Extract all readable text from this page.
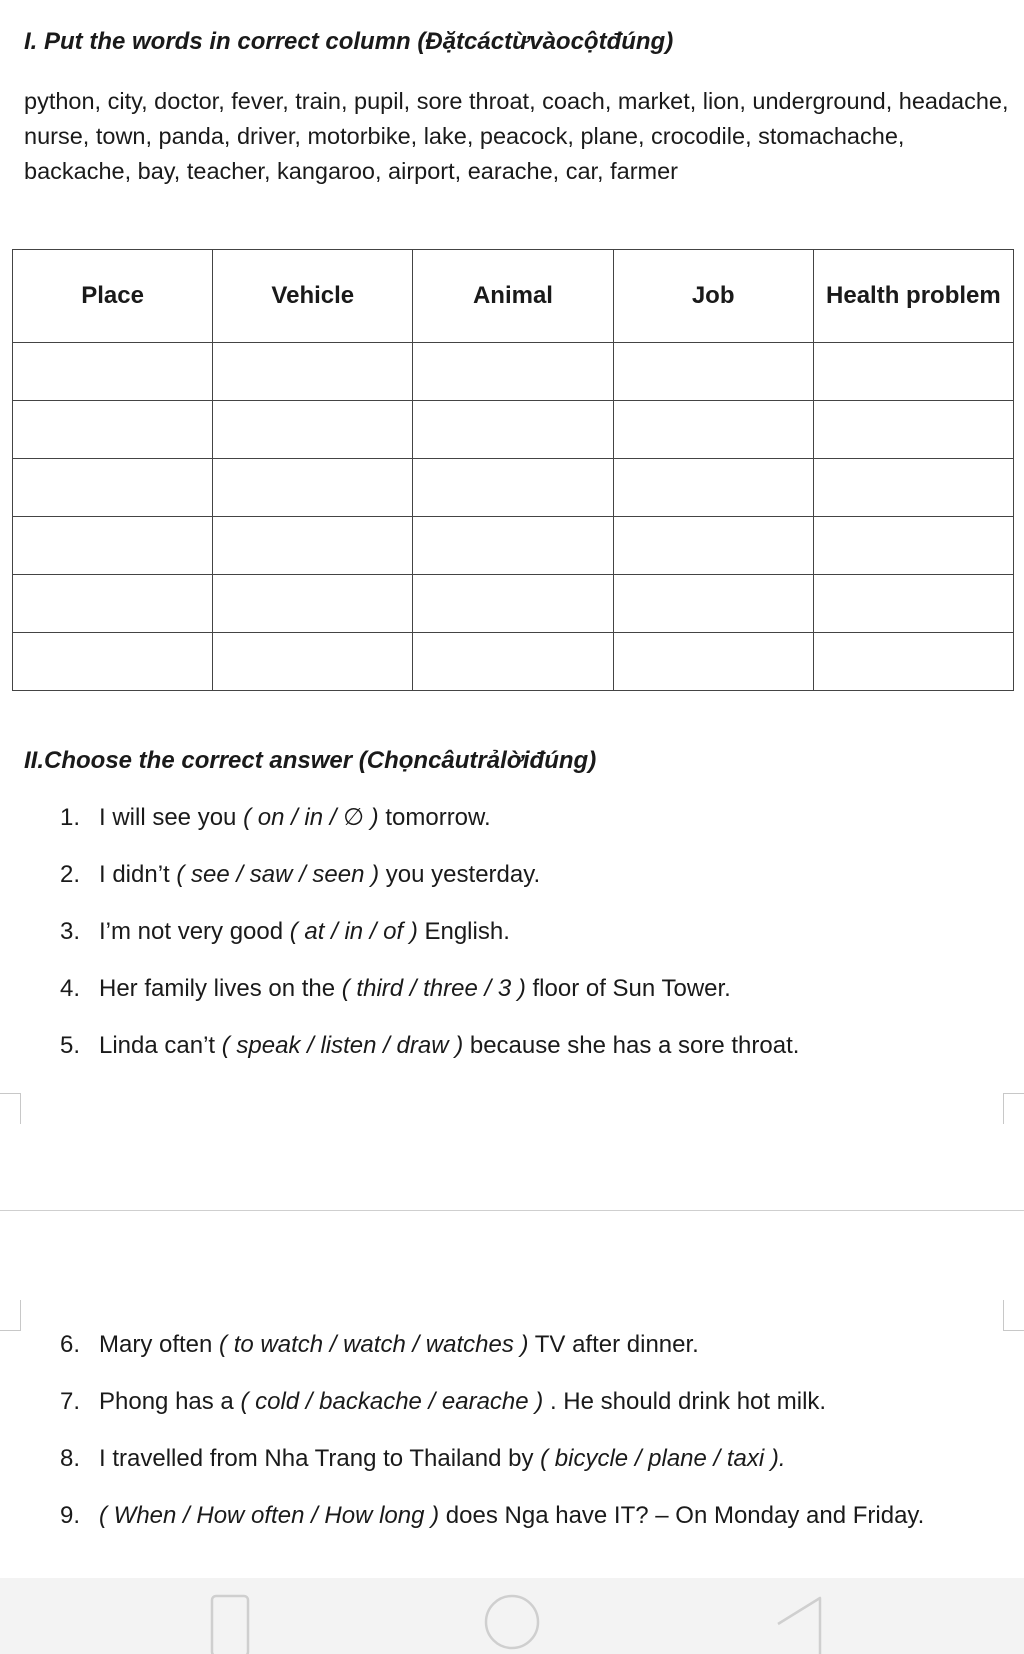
I. Put the words in correct column (Đặtcáctừvàocộtđúng)

python, city, doctor, fever, train, pupil, sore throat, coach, market, lion, underground, headache, nurse, town, panda, driver, motorbike, lake, peacock, plane, crocodile, stomachache, backache, bay, teacher, kangaroo, airport, earache, car, farmer

Place	Vehicle	Animal	Job	Health problem

II.Choose the correct answer (Chọncâutrảlờiđúng)
1. I will see you ( on / in / ∅ ) tomorrow.
2. I didn’t ( see / saw / seen ) you yesterday.
3. I’m not very good ( at / in / of ) English.
4. Her family lives on the ( third / three / 3 ) floor of Sun Tower.
5. Linda can’t ( speak / listen / draw ) because she has a sore throat.
6. Mary often ( to watch / watch / watches ) TV after dinner.
7. Phong has a ( cold / backache / earache ) . He should drink hot milk.
8. I travelled from Nha Trang to Thailand by ( bicycle / plane / taxi ).
9. ( When / How often / How long ) does Nga have IT? – On Monday and Friday.
